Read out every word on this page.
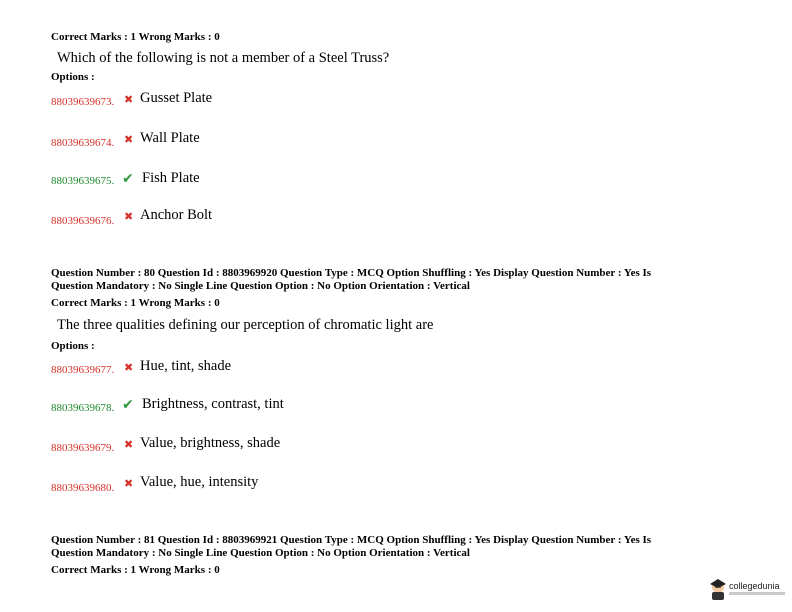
Correct Marks : 1 Wrong Marks : 0
Which of the following is not a member of a Steel Truss?
Options :
88039639673. ✖ Gusset Plate
88039639674. ✖ Wall Plate
88039639675. ✔ Fish Plate
88039639676. ✖ Anchor Bolt
Question Number : 80 Question Id : 8803969920 Question Type : MCQ Option Shuffling : Yes Display Question Number : Yes Is
Question Mandatory : No Single Line Question Option : No Option Orientation : Vertical
Correct Marks : 1 Wrong Marks : 0
The three qualities defining our perception of chromatic light are
Options :
88039639677. ✖ Hue, tint, shade
88039639678. ✔ Brightness, contrast, tint
88039639679. ✖ Value, brightness, shade
88039639680. ✖ Value, hue, intensity
Question Number : 81 Question Id : 8803969921 Question Type : MCQ Option Shuffling : Yes Display Question Number : Yes Is
Question Mandatory : No Single Line Question Option : No Option Orientation : Vertical
Correct Marks : 1 Wrong Marks : 0
collegedunia
